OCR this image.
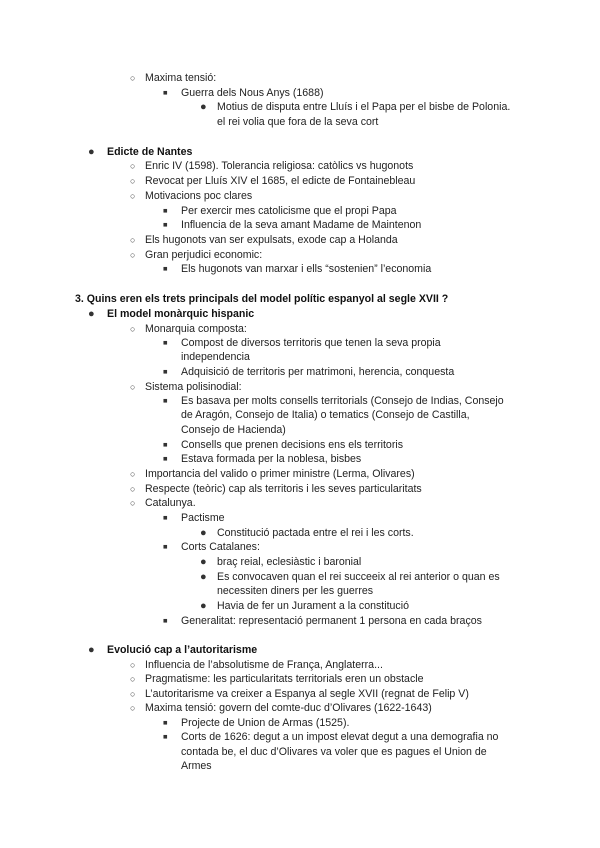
○ Maxima tensió:
■ Guerra dels Nous Anys (1688)
● Motius de disputa entre Lluís i el Papa per el bisbe de Polonia.
el rei volia que fora de la seva cort
● Edicte de Nantes
○ Enric IV (1598). Tolerancia religiosa: catòlics vs hugonots
○ Revocat per Lluís XIV el 1685, el edicte de Fontainebleau
○ Motivacions poc clares
■ Per exercir mes catolicisme que el propi Papa
■ Influencia de la seva amant Madame de Maintenon
○ Els hugonots van ser expulsats, exode cap a Holanda
○ Gran perjudici economic:
■ Els hugonots van marxar i ells “sostenien” l’economia
3. Quins eren els trets principals del model polític espanyol al segle XVII ?
● El model monàrquic hispanic
○ Monarquia composta:
■ Compost de diversos territoris que tenen la seva propia
independencia
■ Adquisició de territoris per matrimoni, herencia, conquesta
○ Sistema polisinodial:
■ Es basava per molts consells territorials (Consejo de Indias, Consejo
de Aragón, Consejo de Italia) o tematics (Consejo de Castilla,
Consejo de Hacienda)
■ Consells que prenen decisions ens els territoris
■ Estava formada per la noblesa, bisbes
○ Importancia del valido o primer ministre (Lerma, Olivares)
○ Respecte (teòric) cap als territoris i les seves particularitats
○ Catalunya.
■ Pactisme
● Constitució pactada entre el rei i les corts.
■ Corts Catalanes:
● braç reial, eclesiàstic i baronial
● Es convocaven quan el rei succeeix al rei anterior o quan es
necessiten diners per les guerres
● Havia de fer un Jurament a la constitució
■ Generalitat: representació permanent 1 persona en cada braços
● Evolució cap a l’autoritarisme
○ Influencia de l’absolutisme de França, Anglaterra...
○ Pragmatisme: les particularitats territorials eren un obstacle
○ L’autoritarisme va creixer a Espanya al segle XVII (regnat de Felip V)
○ Maxima tensió: govern del comte-duc d’Olivares (1622-1643)
■ Projecte de Union de Armas (1525).
■ Corts de 1626: degut a un impost elevat degut a una demografia no
contada be, el duc d’Olivares va voler que es pagues el Union de
Armes
